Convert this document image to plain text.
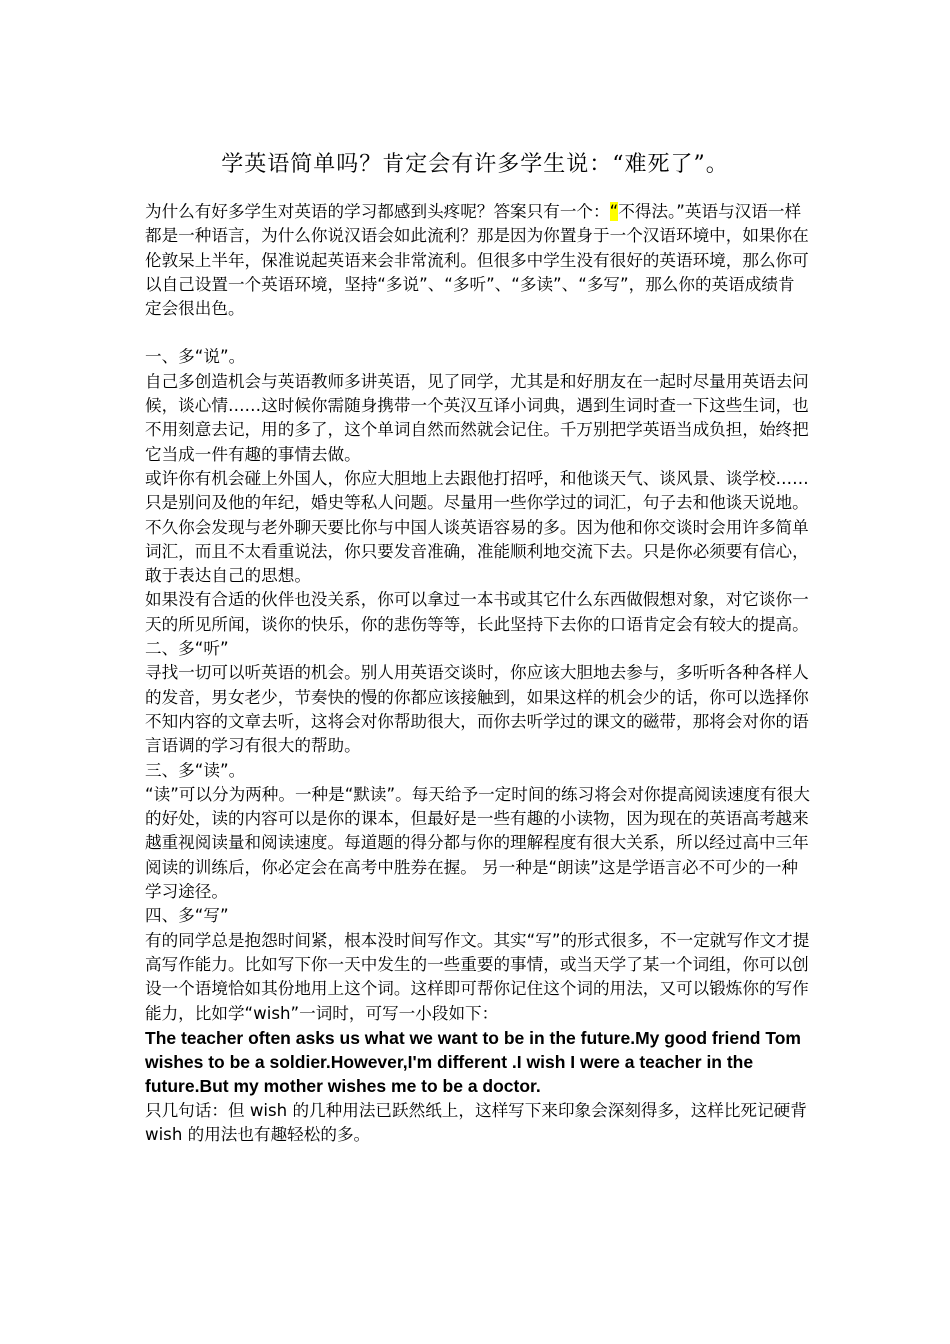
学英语简单吗？肯定会有许多学生说：“难死了”。

为什么有好多学生对英语的学习都感到头疼呢？答案只有一个：“不得法。”英语与汉语一样都是一种语言，为什么你说汉语会如此流利？那是因为你置身于一个汉语环境中，如果你在伦敦呆上半年，保准说起英语来会非常流利。但很多中学生没有很好的英语环境，那么你可以自己设置一个英语环境，坚持“多说”、“多听”、“多读”、“多写”，那么你的英语成绩肯定会很出色。

一、多“说”。

自己多创造机会与英语教师多讲英语，见了同学，尤其是和好朋友在一起时尽量用英语去问候，谈心情……这时候你需随身携带一个英汉互译小词典，遇到生词时查一下这些生词，也不用刻意去记，用的多了，这个单词自然而然就会记住。千万别把学英语当成负担，始终把它当成一件有趣的事情去做。

或许你有机会碰上外国人，你应大胆地上去跟他打招呼，和他谈天气、谈风景、谈学校……只是别问及他的年纪，婚史等私人问题。尽量用一些你学过的词汇，句子去和他谈天说地。不久你会发现与老外聊天要比你与中国人谈英语容易的多。因为他和你交谈时会用许多简单词汇，而且不太看重说法，你只要发音准确，准能顺利地交流下去。只是你必须要有信心，敢于表达自己的思想。

如果没有合适的伙伴也没关系，你可以拿过一本书或其它什么东西做假想对象，对它谈你一天的所见所闻，谈你的快乐，你的悲伤等等，长此坚持下去你的口语肯定会有较大的提高。

二、多“听”

寻找一切可以听英语的机会。别人用英语交谈时，你应该大胆地去参与，多听听各种各样人的发音，男女老少，节奏快的慢的你都应该接触到，如果这样的机会少的话，你可以选择你不知内容的文章去听，这将会对你帮助很大，而你去听学过的课文的磁带，那将会对你的语言语调的学习有很大的帮助。

三、多“读”。

“读”可以分为两种。一种是“默读”。每天给予一定时间的练习将会对你提高阅读速度有很大的好处，读的内容可以是你的课本，但最好是一些有趣的小读物，因为现在的英语高考越来越重视阅读量和阅读速度。每道题的得分都与你的理解程度有很大关系，所以经过高中三年阅读的训练后，你必定会在高考中胜券在握。 另一种是“朗读”这是学语言必不可少的一种学习途径。

四、多“写”

有的同学总是抱怨时间紧，根本没时间写作文。其实“写”的形式很多，不一定就写作文才提高写作能力。比如写下你一天中发生的一些重要的事情，或当天学了某一个词组，你可以创设一个语境恰如其份地用上这个词。这样即可帮你记住这个词的用法，又可以锻炼你的写作能力，比如学“wish”一词时，可写一小段如下：

The teacher often asks us what we want to be in the future.My good friend Tom wishes to be a soldier.However,I'm different .I wish I were a teacher in the future.But my mother wishes me to be a doctor.

只几句话：但 wish 的几种用法已跃然纸上，这样写下来印象会深刻得多，这样比死记硬背 wish 的用法也有趣轻松的多。
